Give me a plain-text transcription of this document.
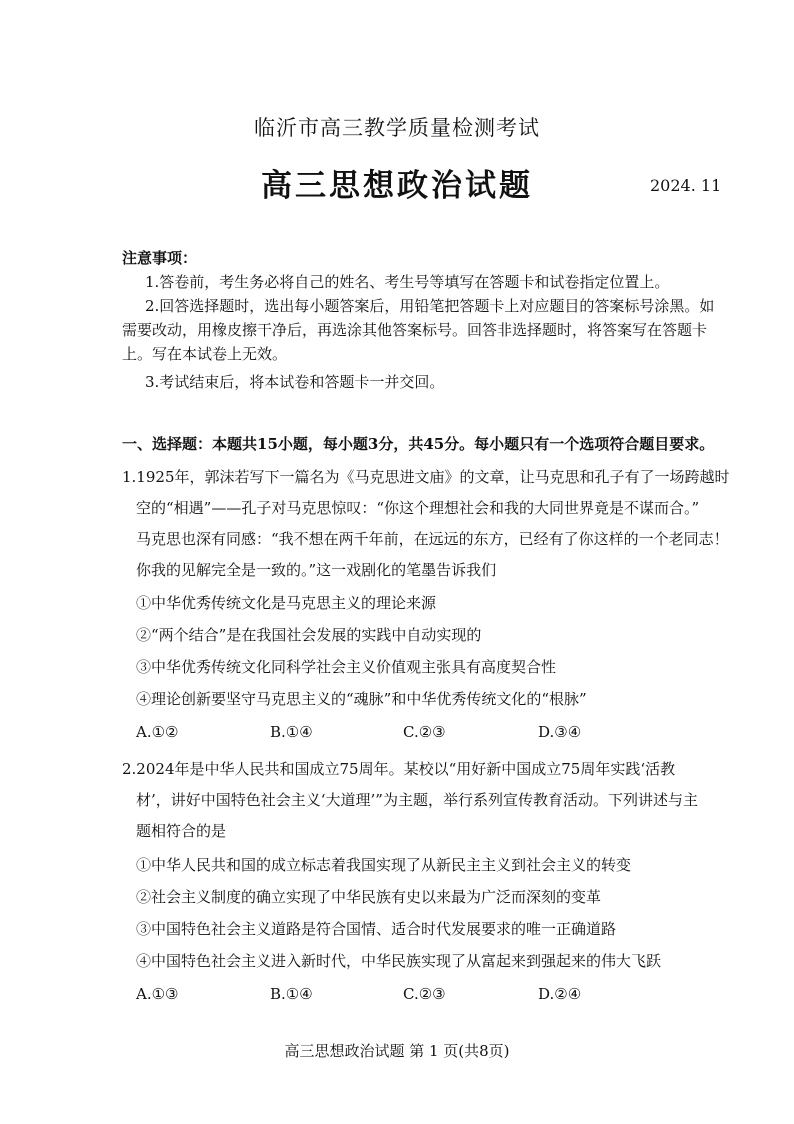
临沂市高三教学质量检测考试
高三思想政治试题	2024. 11
注意事项：
1.答卷前，考生务必将自己的姓名、考生号等填写在答题卡和试卷指定位置上。
2.回答选择题时，选出每小题答案后，用铅笔把答题卡上对应题目的答案标号涂黑。如需要改动，用橡皮擦干净后，再选涂其他答案标号。回答非选择题时，将答案写在答题卡上。写在本试卷上无效。
3.考试结束后，将本试卷和答题卡一并交回。
一、选择题：本题共15小题，每小题3分，共45分。每小题只有一个选项符合题目要求。
1.1925年，郭沫若写下一篇名为《马克思进文庙》的文章，让马克思和孔子有了一场跨越时
空的“相遇”——孔子对马克思惊叹：“你这个理想社会和我的大同世界竟是不谋而合。”
马克思也深有同感：“我不想在两千年前，在远远的东方，已经有了你这样的一个老同志！
你我的见解完全是一致的。”这一戏剧化的笔墨告诉我们
①中华优秀传统文化是马克思主义的理论来源
②“两个结合”是在我国社会发展的实践中自动实现的
③中华优秀传统文化同科学社会主义价值观主张具有高度契合性
④理论创新要坚守马克思主义的“魂脉”和中华优秀传统文化的“根脉”
A.①②	B.①④	C.②③	D.③④
2.2024年是中华人民共和国成立75周年。某校以“用好新中国成立75周年实践‘活教
材’，讲好中国特色社会主义‘大道理’”为主题，举行系列宣传教育活动。下列讲述与主
题相符合的是
①中华人民共和国的成立标志着我国实现了从新民主主义到社会主义的转变
②社会主义制度的确立实现了中华民族有史以来最为广泛而深刻的变革
③中国特色社会主义道路是符合国情、适合时代发展要求的唯一正确道路
④中国特色社会主义进入新时代，中华民族实现了从富起来到强起来的伟大飞跃
A.①③	B.①④	C.②③	D.②④
高三思想政治试题 第 1 页(共8页)
